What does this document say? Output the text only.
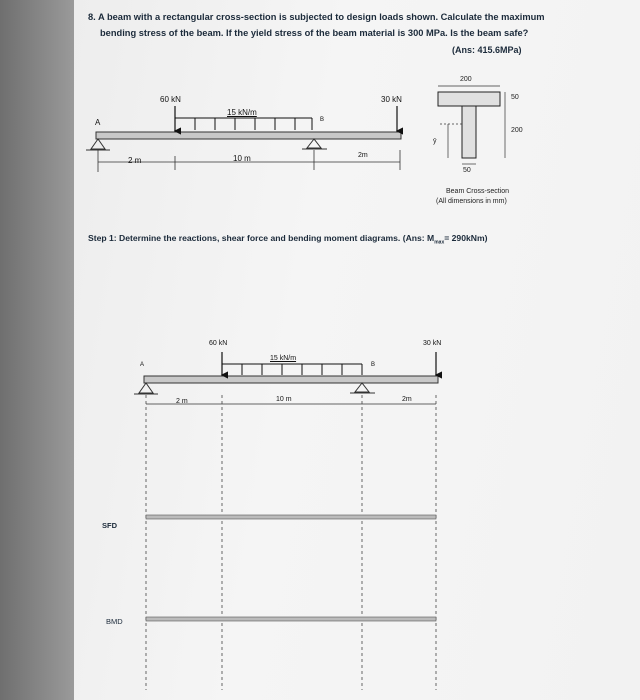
8. A beam with a rectangular cross-section is subjected to design loads shown. Calculate the maximum
bending stress of the beam. If the yield stress of the beam material is 300 MPa. Is the beam safe?
(Ans: 415.6MPa)
60 kN
15 kN/m
30 kN
A	B
2 m	10 m	2m
200
50
200
ȳ
50
Beam Cross-section
(All dimensions in mm)
Step 1: Determine the reactions, shear force and bending moment diagrams. (Ans: $M_{max}= 290kNm$)
60 kN
15 kN/m
30 kN
A	B
2 m	10 m	2m
SFD
BMD
